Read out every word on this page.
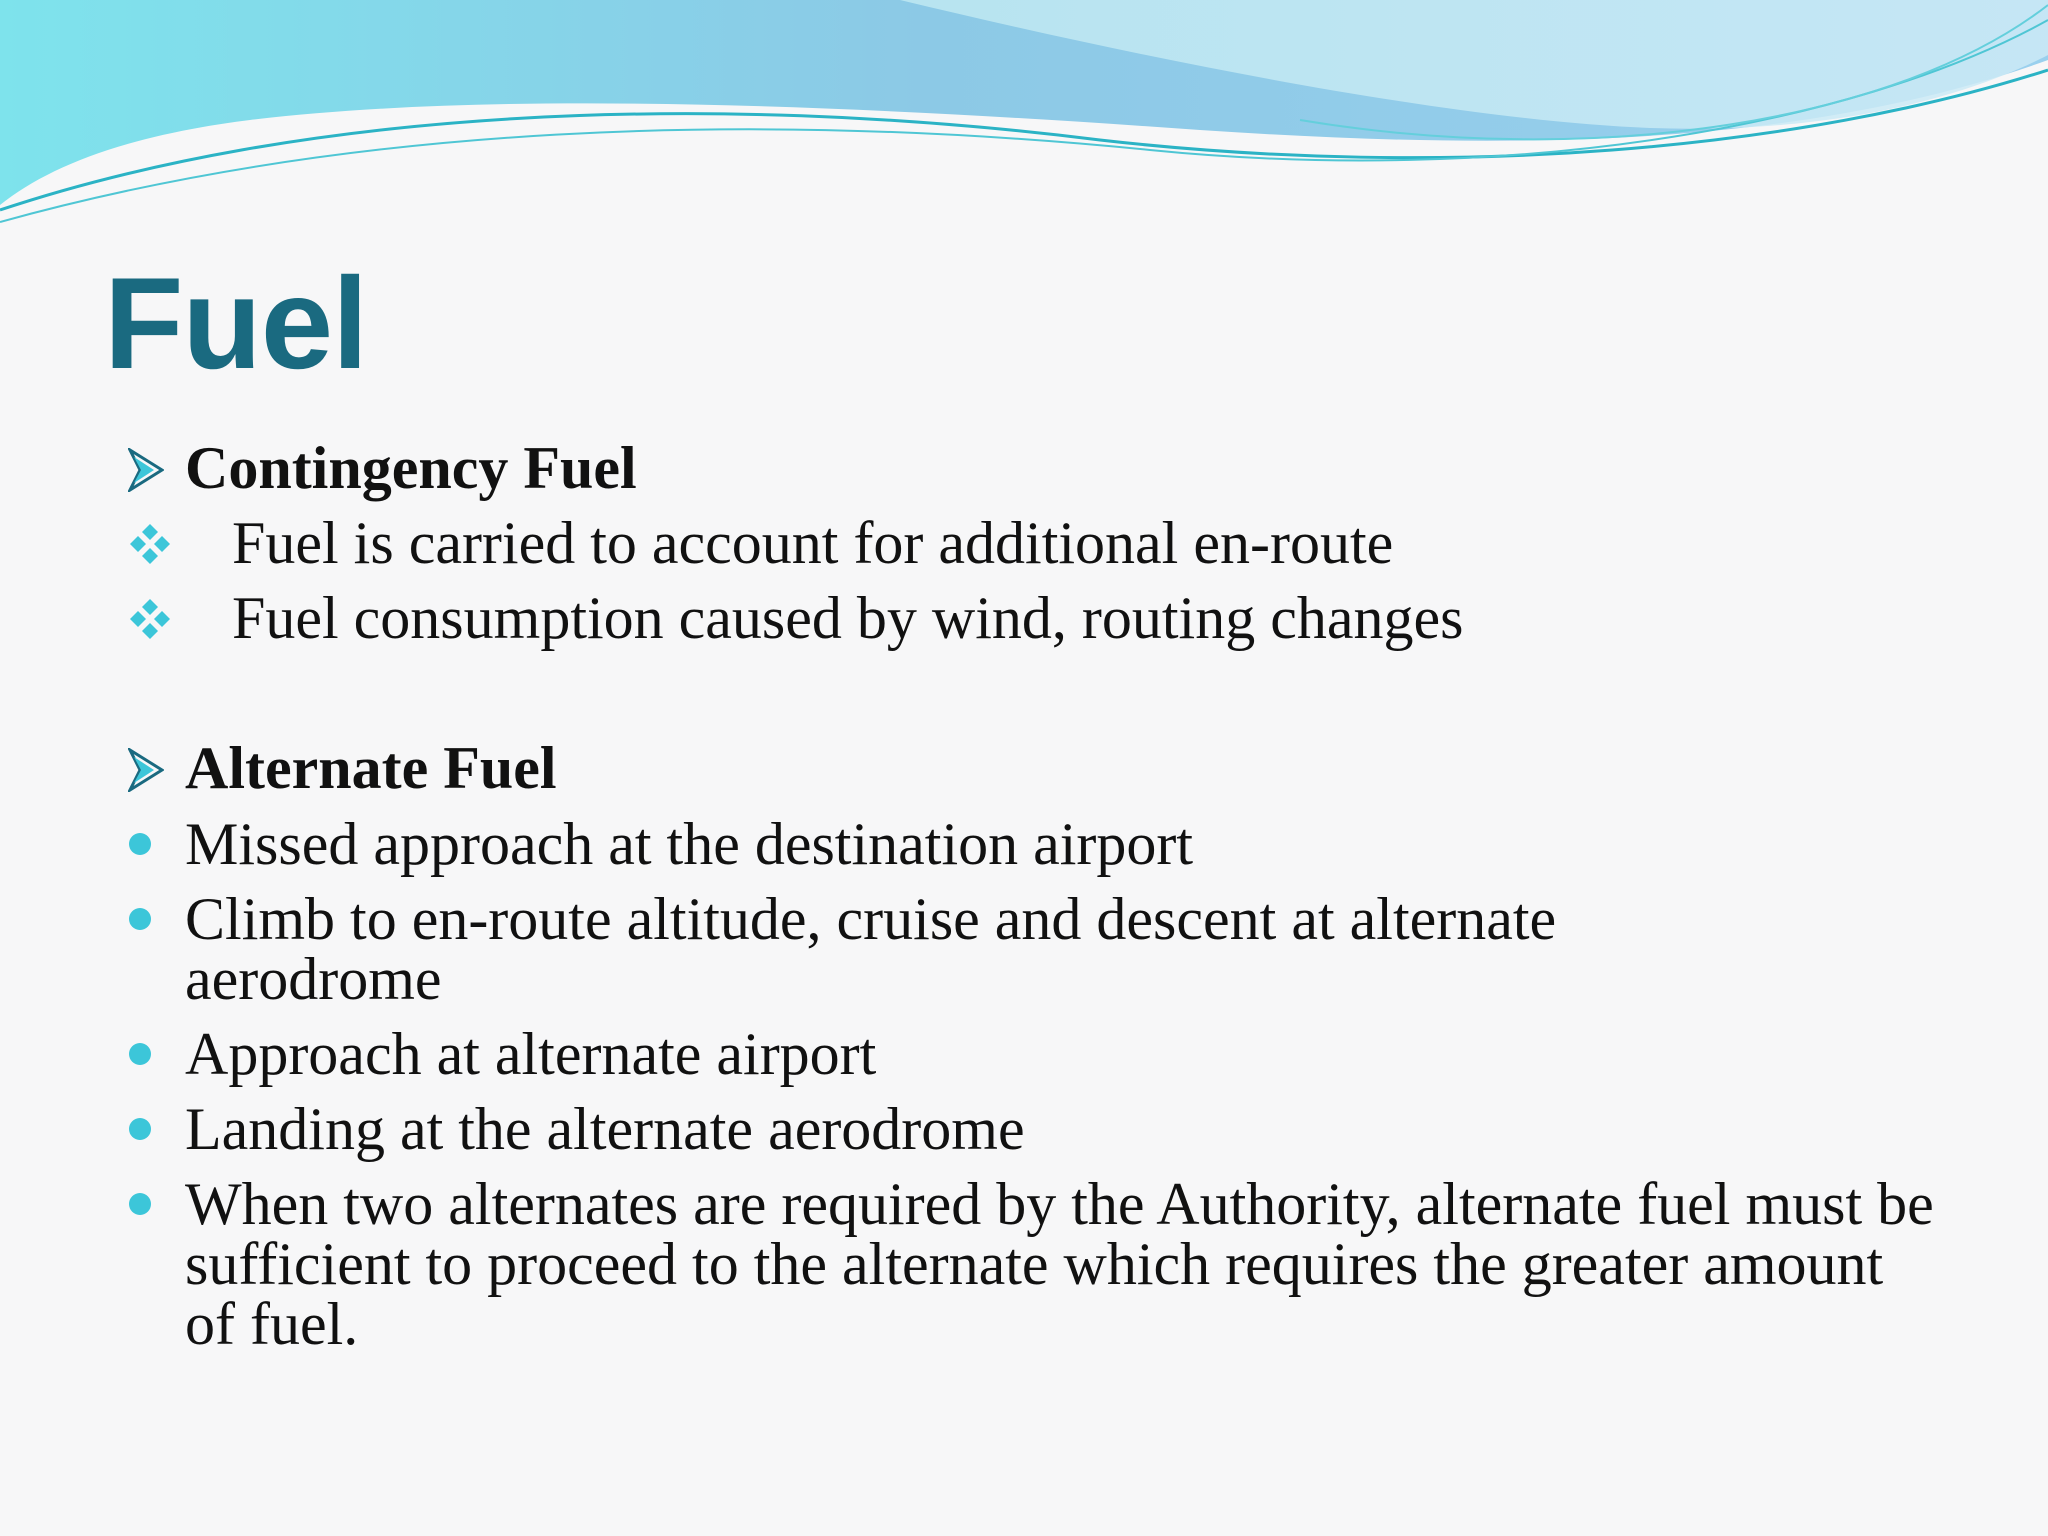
Fuel
Contingency Fuel
Fuel is carried to account for additional en-route
Fuel consumption caused by wind, routing changes
Alternate Fuel
Missed approach at the destination airport
Climb to en-route altitude, cruise and descent at alternate aerodrome
Approach at alternate airport
Landing at the alternate aerodrome
When two alternates are required by the Authority, alternate fuel must be sufficient to proceed to the alternate which requires the greater amount of fuel.
